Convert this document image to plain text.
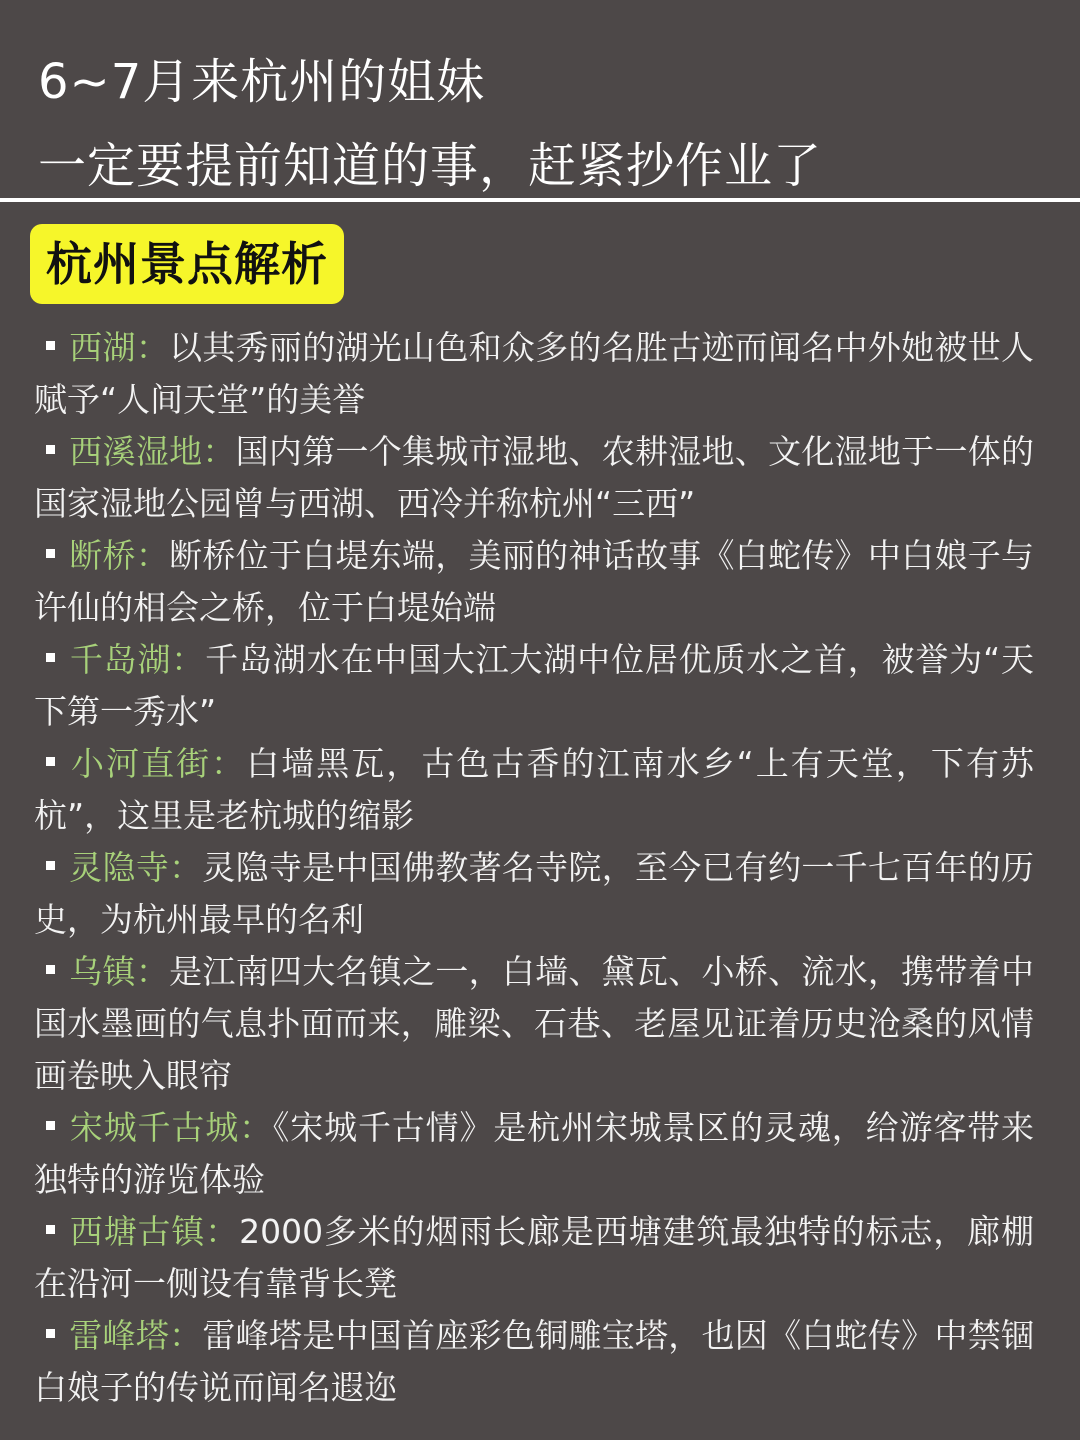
6~7月来杭州的姐妹
一定要提前知道的事，赶紧抄作业了
杭州景点解析
西湖：以其秀丽的湖光山色和众多的名胜古迹而闻名中外她被世人赋予“人间天堂”的美誉
西溪湿地：国内第一个集城市湿地、农耕湿地、文化湿地于一体的国家湿地公园曾与西湖、西冷并称杭州“三西”
断桥：断桥位于白堤东端，美丽的神话故事《白蛇传》中白娘子与许仙的相会之桥，位于白堤始端
千岛湖：千岛湖水在中国大江大湖中位居优质水之首，被誉为“天下第一秀水”
小河直街：白墙黑瓦，古色古香的江南水乡“上有天堂，下有苏杭”，这里是老杭城的缩影
灵隐寺：灵隐寺是中国佛教著名寺院，至今已有约一千七百年的历史，为杭州最早的名利
乌镇：是江南四大名镇之一，白墙、黛瓦、小桥、流水，携带着中国水墨画的气息扑面而来，雕梁、石巷、老屋见证着历史沧桑的风情画卷映入眼帘
宋城千古城：《宋城千古情》是杭州宋城景区的灵魂，给游客带来独特的游览体验
西塘古镇：2000多米的烟雨长廊是西塘建筑最独特的标志，廊棚在沿河一侧设有靠背长凳
雷峰塔：雷峰塔是中国首座彩色铜雕宝塔，也因《白蛇传》中禁锢白娘子的传说而闻名遐迩
